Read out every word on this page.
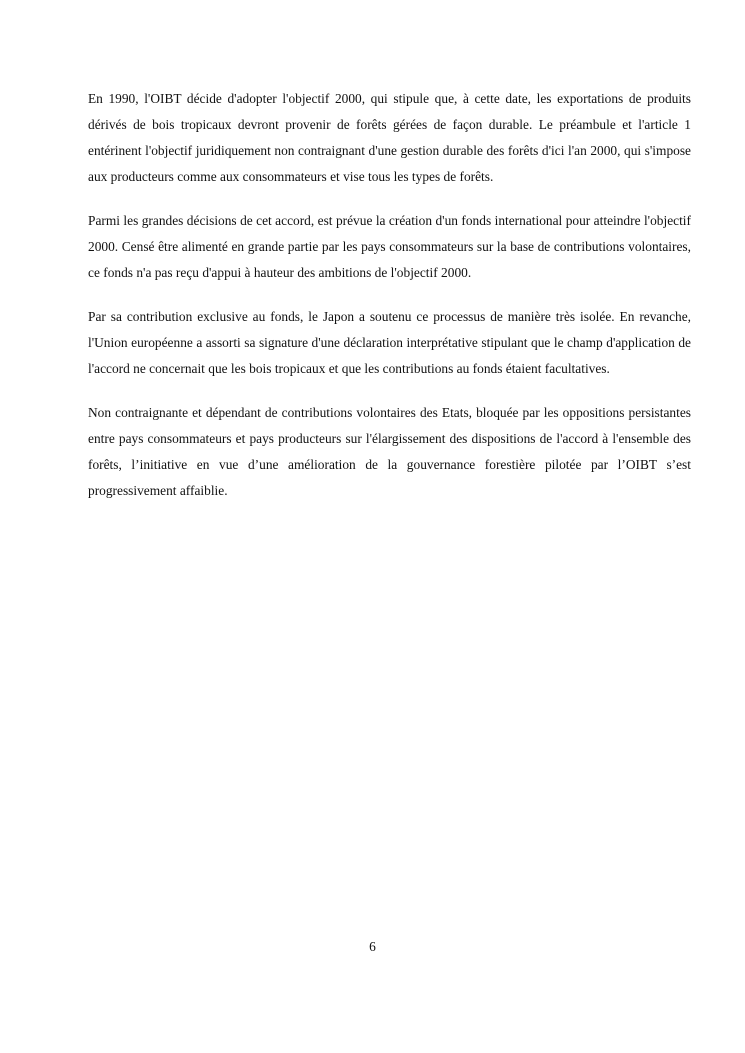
En 1990, l'OIBT décide d'adopter l'objectif 2000, qui stipule que, à cette date, les exportations de produits dérivés de bois tropicaux devront provenir de forêts gérées de façon durable. Le préambule et l'article 1 entérinent l'objectif juridiquement non contraignant d'une gestion durable des forêts d'ici l'an 2000, qui s'impose aux producteurs comme aux consommateurs et vise tous les types de forêts.

Parmi les grandes décisions de cet accord, est prévue la création d'un fonds international pour atteindre l'objectif 2000. Censé être alimenté en grande partie par les pays consommateurs sur la base de contributions volontaires, ce fonds n'a pas reçu d'appui à hauteur des ambitions de l'objectif 2000.

Par sa contribution exclusive au fonds, le Japon a soutenu ce processus de manière très isolée. En revanche, l'Union européenne a assorti sa signature d'une déclaration interprétative stipulant que le champ d'application de l'accord ne concernait que les bois tropicaux et que les contributions au fonds étaient facultatives.

Non contraignante et dépendant de contributions volontaires des Etats, bloquée par les oppositions persistantes entre pays consommateurs et pays producteurs sur l'élargissement des dispositions de l'accord à l'ensemble des forêts, l’initiative en vue d’une amélioration de la gouvernance forestière pilotée par l’OIBT s’est progressivement affaiblie.

6
